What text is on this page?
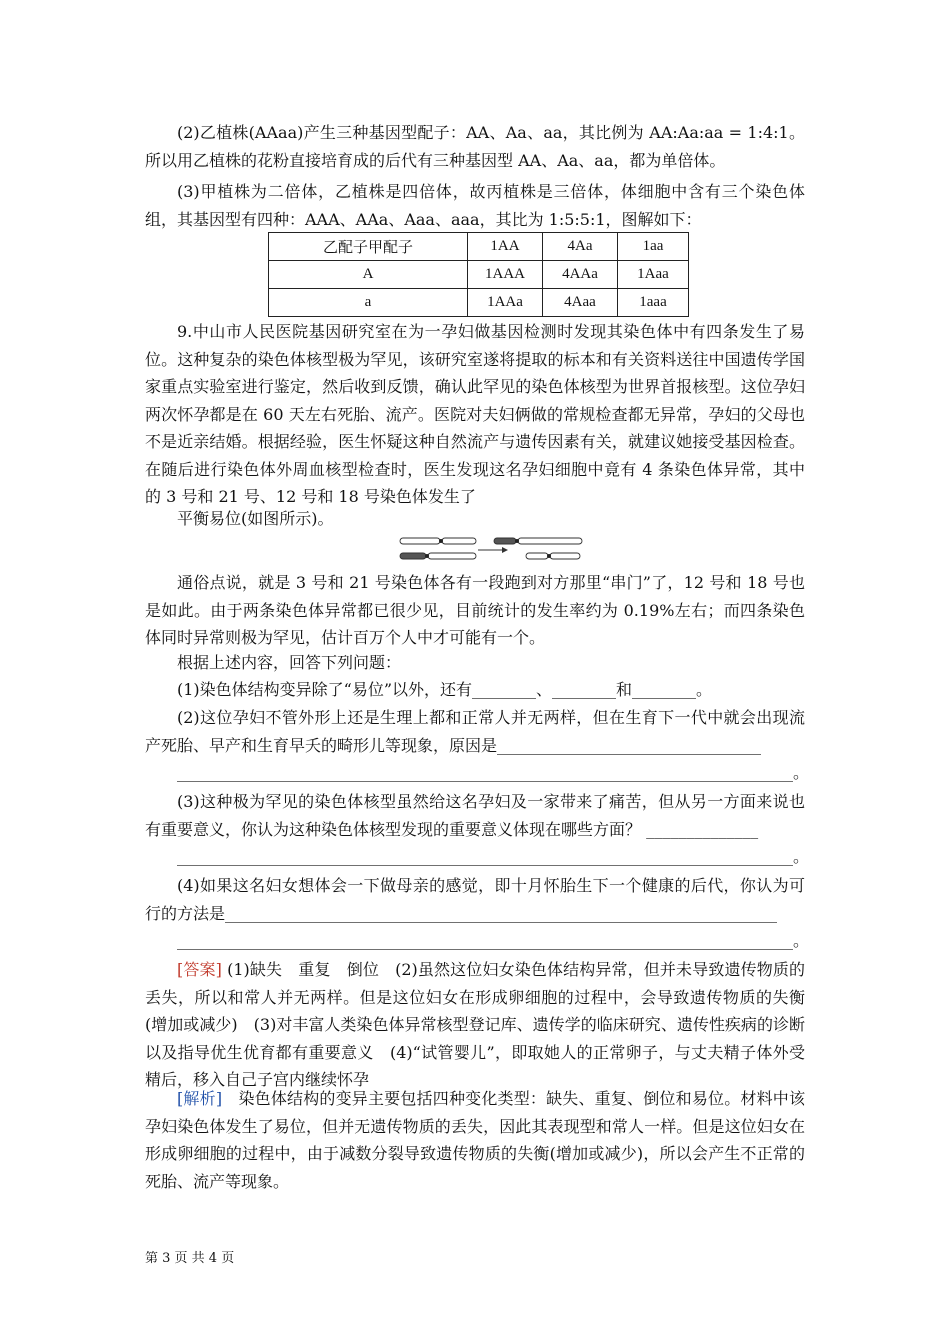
(2)乙植株(AAaa)产生三种基因型配子：AA、Aa、aa，其比例为 AA:Aa:aa = 1:4:1。所以用乙植株的花粉直接培育成的后代有三种基因型 AA、Aa、aa，都为单倍体。

(3)甲植株为二倍体，乙植株是四倍体，故丙植株是三倍体，体细胞中含有三个染色体组，其基因型有四种：AAA、AAa、Aaa、aaa，其比为 1:5:5:1，图解如下：

乙配子甲配子	1AA	4Aa	1aa
A	1AAA	4AAa	1Aaa
a	1AAa	4Aaa	1aaa

9.中山市人民医院基因研究室在为一孕妇做基因检测时发现其染色体中有四条发生了易位。这种复杂的染色体核型极为罕见，该研究室遂将提取的标本和有关资料送往中国遗传学国家重点实验室进行鉴定，然后收到反馈，确认此罕见的染色体核型为世界首报核型。这位孕妇两次怀孕都是在 60 天左右死胎、流产。医院对夫妇俩做的常规检查都无异常，孕妇的父母也不是近亲结婚。根据经验，医生怀疑这种自然流产与遗传因素有关，就建议她接受基因检查。在随后进行染色体外周血核型检查时，医生发现这名孕妇细胞中竟有 4 条染色体异常，其中的 3 号和 21 号、12 号和 18 号染色体发生了

平衡易位(如图所示)。

通俗点说，就是 3 号和 21 号染色体各有一段跑到对方那里“串门”了，12 号和 18 号也是如此。由于两条染色体异常都已很少见，目前统计的发生率约为 0.19%左右；而四条染色体同时异常则极为罕见，估计百万个人中才可能有一个。

根据上述内容，回答下列问题：

(1)染色体结构变异除了“易位”以外，还有________、________和________。

(2)这位孕妇不管外形上还是生理上都和正常人并无两样，但在生育下一代中就会出现流产死胎、早产和生育早夭的畸形儿等现象，原因是_________________________________

_____________________________________________________________________________。

(3)这种极为罕见的染色体核型虽然给这名孕妇及一家带来了痛苦，但从另一方面来说也有重要意义，你认为这种染色体核型发现的重要意义体现在哪些方面？ ______________

_____________________________________________________________________________。

(4)如果这名妇女想体会一下做母亲的感觉，即十月怀胎生下一个健康的后代，你认为可行的方法是_____________________________________________________________________

_____________________________________________________________________________。

[答案] (1)缺失　重复　倒位　(2)虽然这位妇女染色体结构异常，但并未导致遗传物质的丢失，所以和常人并无两样。但是这位妇女在形成卵细胞的过程中，会导致遗传物质的失衡(增加或减少)　(3)对丰富人类染色体异常核型登记库、遗传学的临床研究、遗传性疾病的诊断以及指导优生优育都有重要意义　(4)“试管婴儿”，即取她人的正常卵子，与丈夫精子体外受精后，移入自己子宫内继续怀孕

[解析]　染色体结构的变异主要包括四种变化类型：缺失、重复、倒位和易位。材料中该孕妇染色体发生了易位，但并无遗传物质的丢失，因此其表现型和常人一样。但是这位妇女在形成卵细胞的过程中，由于减数分裂导致遗传物质的失衡(增加或减少)，所以会产生不正常的死胎、流产等现象。

第 3 页 共 4 页
